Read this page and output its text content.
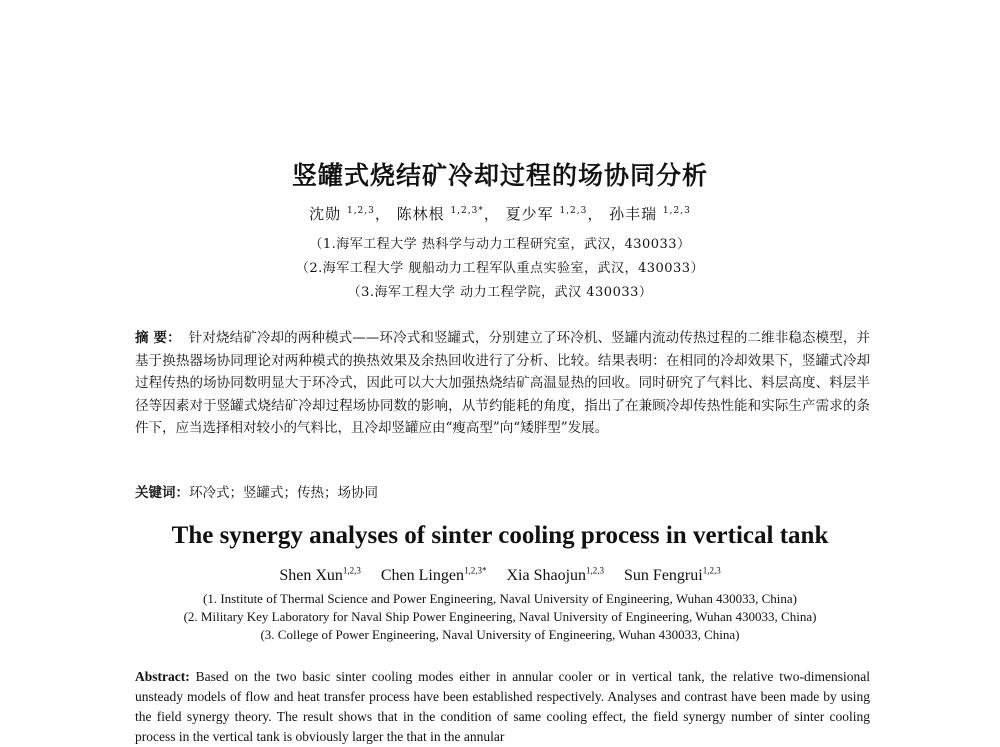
竖罐式烧结矿冷却过程的场协同分析
沈勋 $^{1,2,3}$， 陈林根 $^{1,2,3*}$， 夏少军 $^{1,2,3}$， 孙丰瑞 $^{1,2,3}$
（1.海军工程大学 热科学与动力工程研究室，武汉，430033）
（2.海军工程大学 舰船动力工程军队重点实验室，武汉，430033）
（3.海军工程大学 动力工程学院，武汉 430033）
摘 要： 针对烧结矿冷却的两种模式——环冷式和竖罐式，分别建立了环冷机、竖罐内流动传热过程的二维非稳态模型，并基于换热器场协同理论对两种模式的换热效果及余热回收进行了分析、比较。结果表明：在相同的冷却效果下，竖罐式冷却过程传热的场协同数明显大于环冷式，因此可以大大加强热烧结矿高温显热的回收。同时研究了气料比、料层高度、料层半径等因素对于竖罐式烧结矿冷却过程场协同数的影响，从节约能耗的角度，指出了在兼顾冷却传热性能和实际生产需求的条件下，应当选择相对较小的气料比，且冷却竖罐应由“瘦高型”向“矮胖型”发展。
关键词：环冷式；竖罐式；传热；场协同
The synergy analyses of sinter cooling process in vertical tank
Shen Xun$^{1,2,3}$ Chen Lingen$^{1,2,3*}$ Xia Shaojun$^{1,2,3}$ Sun Fengrui$^{1,2,3}$
(1. Institute of Thermal Science and Power Engineering, Naval University of Engineering, Wuhan 430033, China)
(2. Military Key Laboratory for Naval Ship Power Engineering, Naval University of Engineering, Wuhan 430033, China)
(3. College of Power Engineering, Naval University of Engineering, Wuhan 430033, China)
Abstract: Based on the two basic sinter cooling modes either in annular cooler or in vertical tank, the relative two-dimensional unsteady models of flow and heat transfer process have been established respectively. Analyses and contrast have been made by using the field synergy theory. The result shows that in the condition of same cooling effect, the field synergy number of sinter cooling process in the vertical tank is obviously larger the that in the annular
